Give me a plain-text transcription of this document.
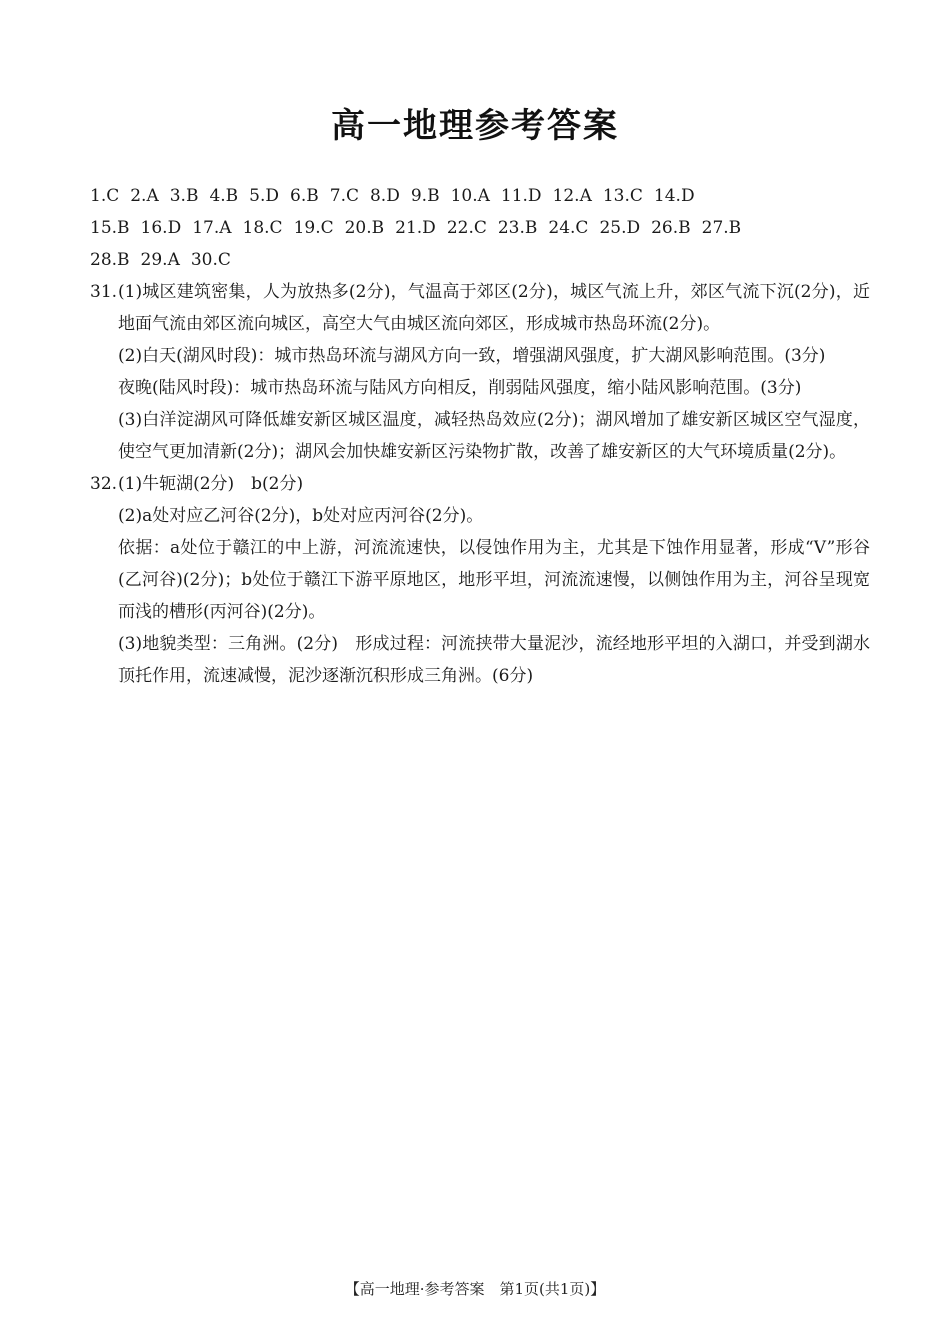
高一地理参考答案
1.C 2.A 3.B 4.B 5.D 6.B 7.C 8.D 9.B 10.A 11.D 12.A 13.C 14.D
15.B 16.D 17.A 18.C 19.C 20.B 21.D 22.C 23.B 24.C 25.D 26.B 27.B
28.B 29.A 30.C
31. (1)城区建筑密集，人为放热多(2分)，气温高于郊区(2分)，城区气流上升，郊区气流下沉(2分)，近地面气流由郊区流向城区，高空大气由城区流向郊区，形成城市热岛环流(2分)。

(2)白天(湖风时段)：城市热岛环流与湖风方向一致，增强湖风强度，扩大湖风影响范围。(3分)

夜晚(陆风时段)：城市热岛环流与陆风方向相反，削弱陆风强度，缩小陆风影响范围。(3分)

(3)白洋淀湖风可降低雄安新区城区温度，减轻热岛效应(2分)；湖风增加了雄安新区城区空气湿度，使空气更加清新(2分)；湖风会加快雄安新区污染物扩散，改善了雄安新区的大气环境质量(2分)。

32. (1)牛轭湖(2分)　b(2分)

(2)a处对应乙河谷(2分)，b处对应丙河谷(2分)。

依据：a处位于赣江的中上游，河流流速快，以侵蚀作用为主，尤其是下蚀作用显著，形成“V”形谷(乙河谷)(2分)；b处位于赣江下游平原地区，地形平坦，河流流速慢，以侧蚀作用为主，河谷呈现宽而浅的槽形(丙河谷)(2分)。

(3)地貌类型：三角洲。(2分)　形成过程：河流挟带大量泥沙，流经地形平坦的入湖口，并受到湖水顶托作用，流速减慢，泥沙逐渐沉积形成三角洲。(6分)

【高一地理·参考答案　第1页(共1页)】
